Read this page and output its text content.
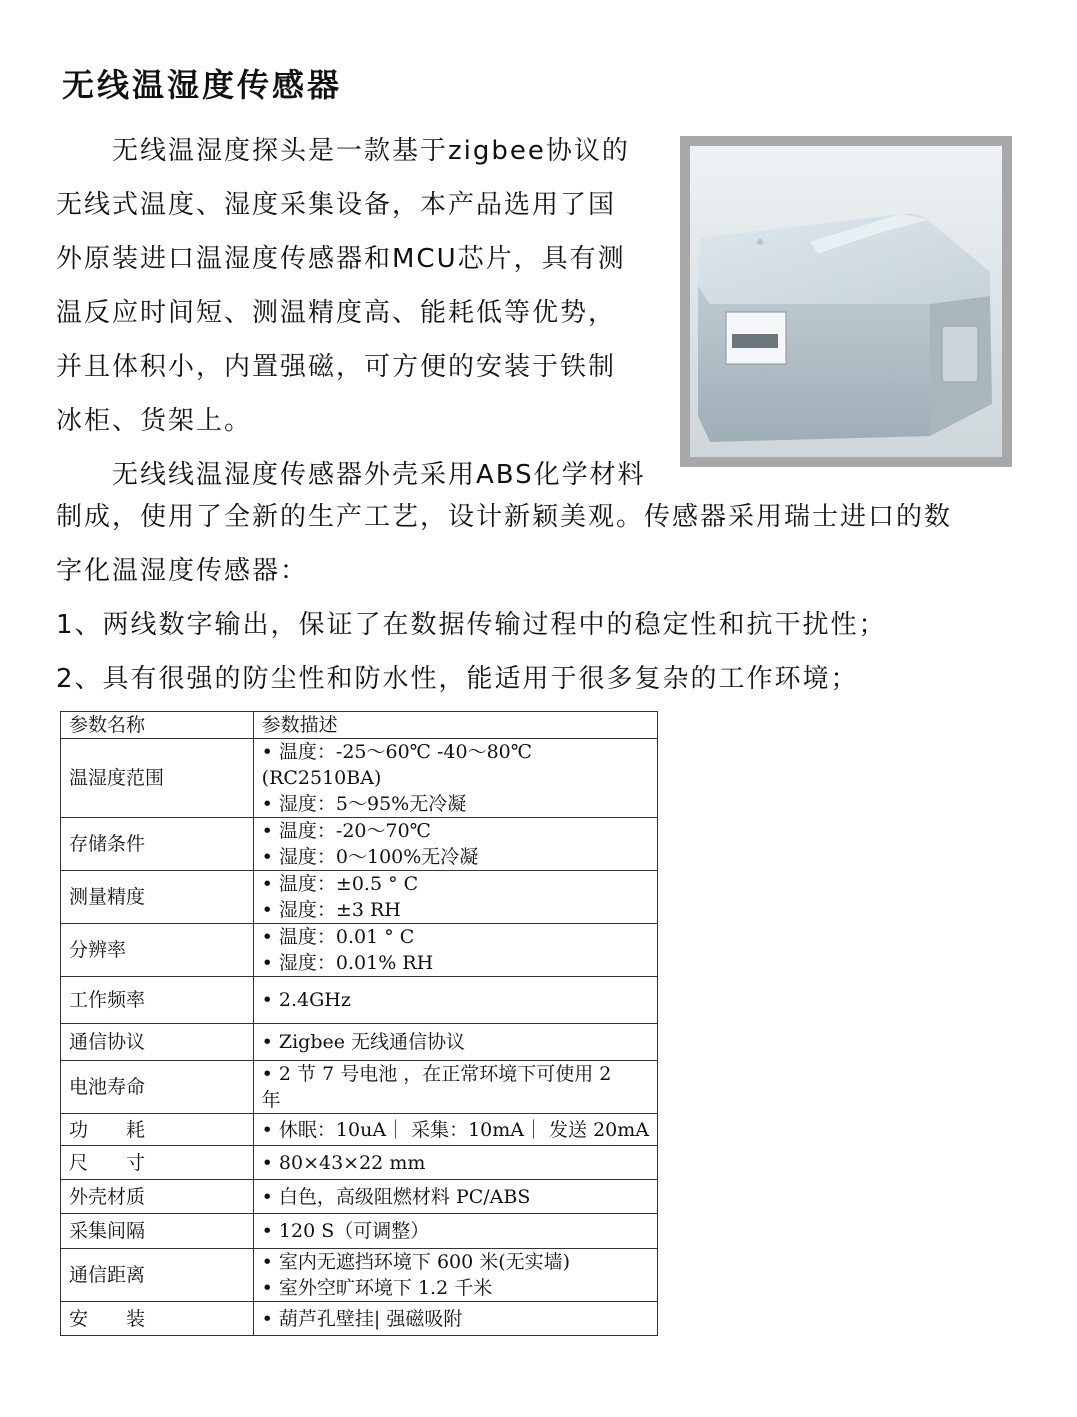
无线温湿度传感器
　　无线温湿度探头是一款基于zigbee协议的
无线式温度、湿度采集设备，本产品选用了国
外原装进口温湿度传感器和MCU芯片，具有测
温反应时间短、测温精度高、能耗低等优势，
并且体积小，内置强磁，可方便的安装于铁制
冰柜、货架上。
　　无线线温湿度传感器外壳采用ABS化学材料
制成，使用了全新的生产工艺，设计新颖美观。传感器采用瑞士进口的数
字化温湿度传感器：
1、两线数字输出，保证了在数据传输过程中的稳定性和抗干扰性；
2、具有很强的防尘性和防水性，能适用于很多复杂的工作环境；
参数名称	参数描述
温湿度范围	• 温度：-25～60℃ -40～80℃
(RC2510BA)
• 湿度：5～95%无冷凝

存储条件	• 温度：-20～70℃
• 湿度：0～100%无冷凝

测量精度	• 温度：±0.5 ° C
• 湿度：±3 RH

分辨率	• 温度：0.01 ° C
• 湿度：0.01% RH

工作频率	• 2.4GHz

通信协议	• Zigbee 无线通信协议

电池寿命	• 2 节 7 号电池 ，在正常环境下可使用 2
年

功　　耗	• 休眠：10uA｜ 采集：10mA｜ 发送 20mA

尺　　寸	• 80×43×22 mm

外壳材质	• 白色，高级阻燃材料 PC/ABS

采集间隔	• 120 S（可调整）

通信距离	• 室内无遮挡环境下 600 米(无实墙)
• 室外空旷环境下 1.2 千米

安　　装	• 葫芦孔壁挂| 强磁吸附
